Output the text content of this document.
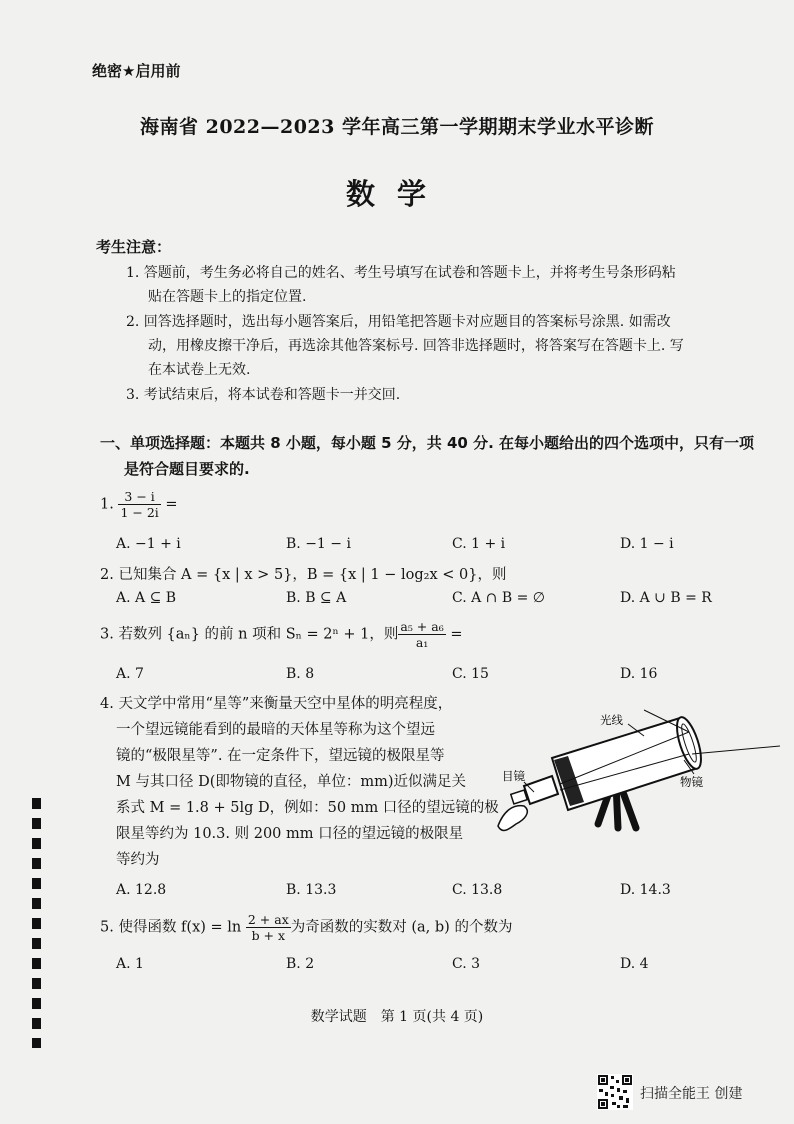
绝密★启用前
海南省 2022—2023 学年高三第一学期期末学业水平诊断
数学
考生注意：
1. 答题前，考生务必将自己的姓名、考生号填写在试卷和答题卡上，并将考生号条形码粘
贴在答题卡上的指定位置.
2. 回答选择题时，选出每小题答案后，用铅笔把答题卡对应题目的答案标号涂黑. 如需改
动，用橡皮擦干净后，再选涂其他答案标号. 回答非选择题时，将答案写在答题卡上. 写
在本试卷上无效.
3. 考试结束后，将本试卷和答题卡一并交回.
一、单项选择题：本题共 8 小题，每小题 5 分，共 40 分. 在每小题给出的四个选项中，只有一项
是符合题目要求的.
1. $\frac{3 - i}{1 - 2i}$ =
A. −1 + i	B. −1 − i	C. 1 + i	D. 1 − i
2. 已知集合 A = {x | x > 5}，B = {x | 1 − log₂x < 0}，则
A. A ⊆ B	B. B ⊆ A	C. A ∩ B = ∅	D. A ∪ B = R
3. 若数列 {aₙ} 的前 n 项和 Sₙ = 2ⁿ + 1，则 $\frac{\text{a₅ + a₆}}{\text{a₁}}$ =
A. 7	B. 8	C. 15	D. 16
4. 天文学中常用“星等”来衡量天空中星体的明亮程度，
一个望远镜能看到的最暗的天体星等称为这个望远
镜的“极限星等”. 在一定条件下，望远镜的极限星等
M 与其口径 D(即物镜的直径，单位：mm)近似满足关
系式 M = 1.8 + 5lg D，例如：50 mm 口径的望远镜的极
限星等约为 10.3. 则 200 mm 口径的望远镜的极限星
等约为
光线
目镜	物镜
A. 12.8	B. 13.3	C. 13.8	D. 14.3
5. 使得函数 $f(x) = \ln \frac{2 + ax}{b + x}$ 为奇函数的实数对 (a, b) 的个数为
A. 1	B. 2	C. 3	D. 4
数学试题　第 1 页(共 4 页)
扫描全能王 创建
